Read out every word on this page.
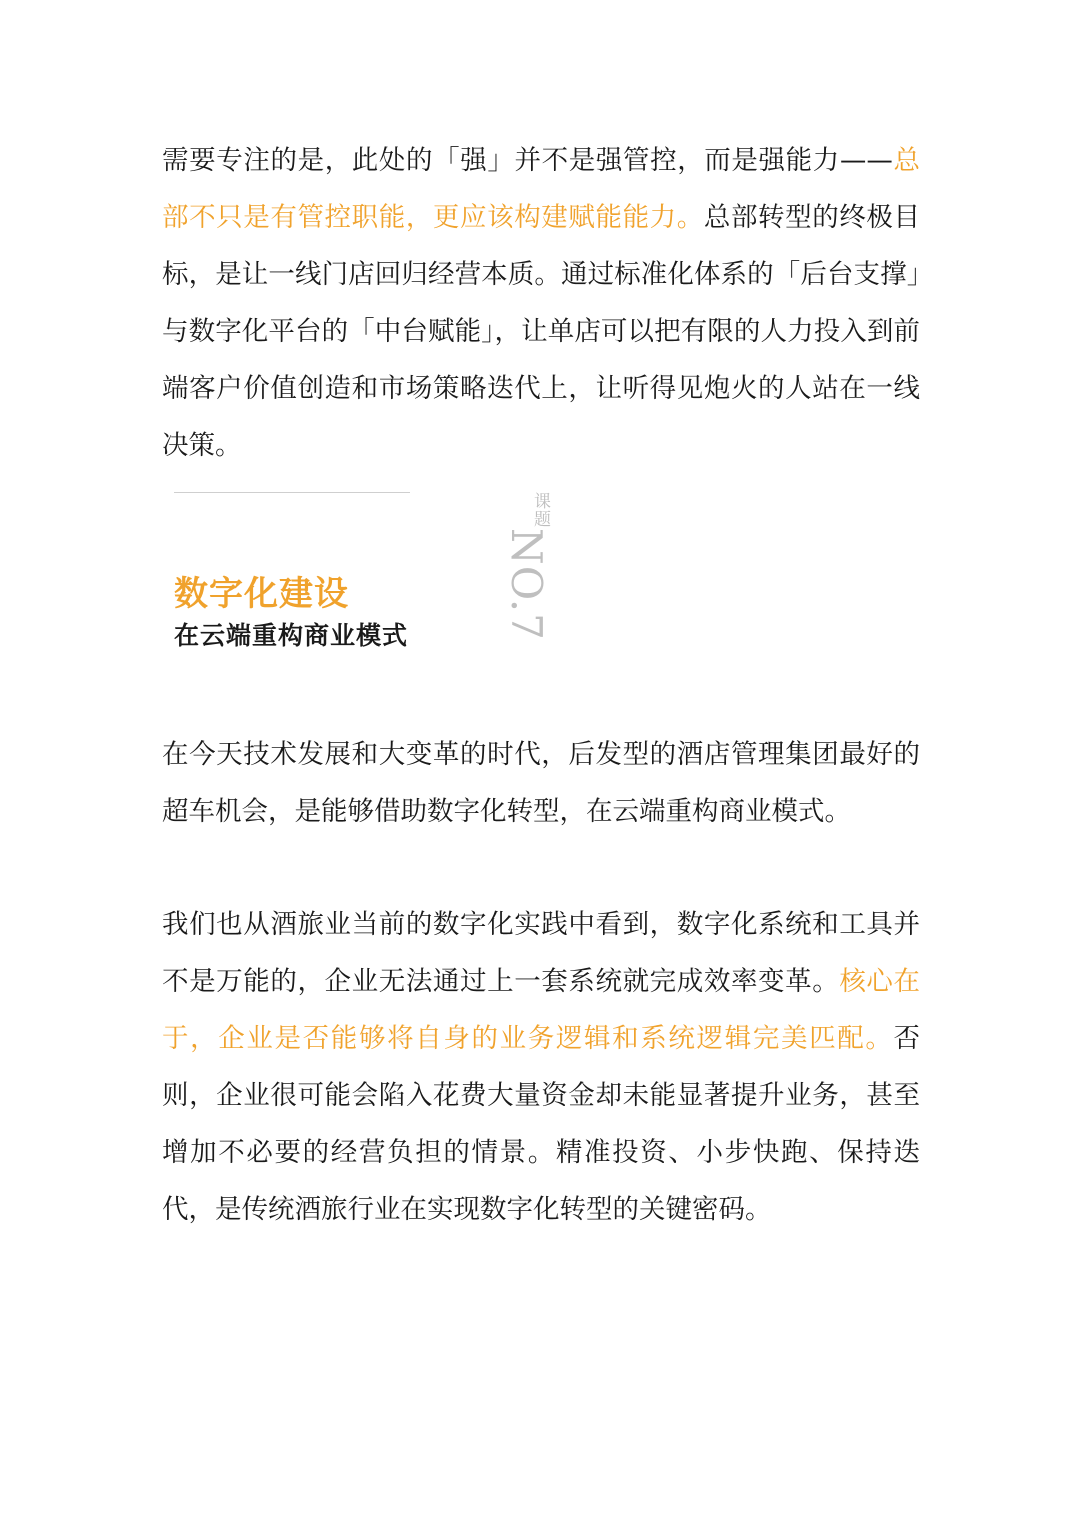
需要专注的是，此处的「强」并不是强管控，而是强能力——总部不只是有管控职能，更应该构建赋能能力。总部转型的终极目标，是让一线门店回归经营本质。通过标准化体系的「后台支撑」与数字化平台的「中台赋能」，让单店可以把有限的人力投入到前端客户价值创造和市场策略迭代上，让听得见炮火的人站在一线决策。

课题
NO.7
数字化建设
在云端重构商业模式

在今天技术发展和大变革的时代，后发型的酒店管理集团最好的超车机会，是能够借助数字化转型，在云端重构商业模式。

我们也从酒旅业当前的数字化实践中看到，数字化系统和工具并不是万能的，企业无法通过上一套系统就完成效率变革。核心在于，企业是否能够将自身的业务逻辑和系统逻辑完美匹配。否则，企业很可能会陷入花费大量资金却未能显著提升业务，甚至增加不必要的经营负担的情景。精准投资、小步快跑、保持迭代，是传统酒旅行业在实现数字化转型的关键密码。
